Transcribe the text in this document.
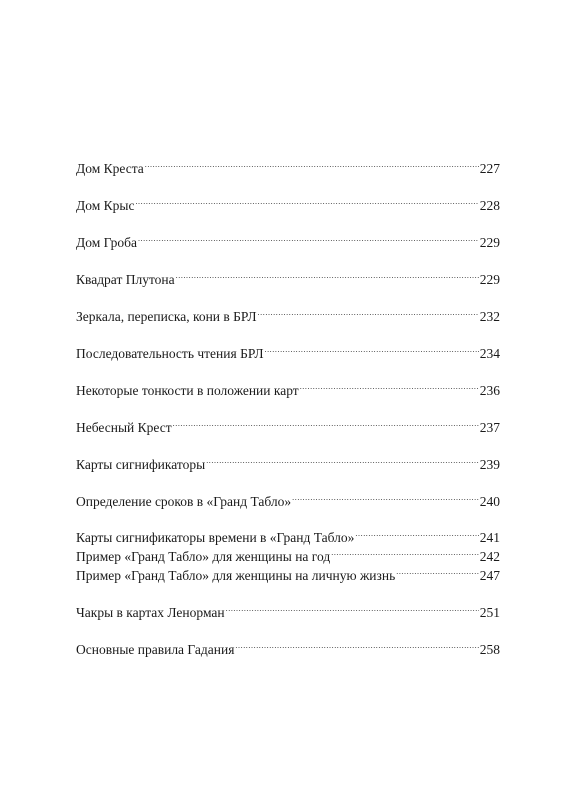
Дом Креста .....	227
Дом Крыс .....	228
Дом Гроба .....	229
Квадрат Плутона .....	229
Зеркала, переписка, кони в БРЛ .....	232
Последовательность чтения БРЛ .....	234
Некоторые тонкости в положении карт .....	236
Небесный Крест .....	237
Карты сигнификаторы .....	239
Определение сроков в «Гранд Табло» .....	240
Карты сигнификаторы времени в «Гранд Табло» .....	241
Пример «Гранд Табло» для женщины на год .....	242
Пример «Гранд Табло» для женщины на личную жизнь .....	247
Чакры в картах Ленорман .....	251
Основные правила Гадания .....	258
